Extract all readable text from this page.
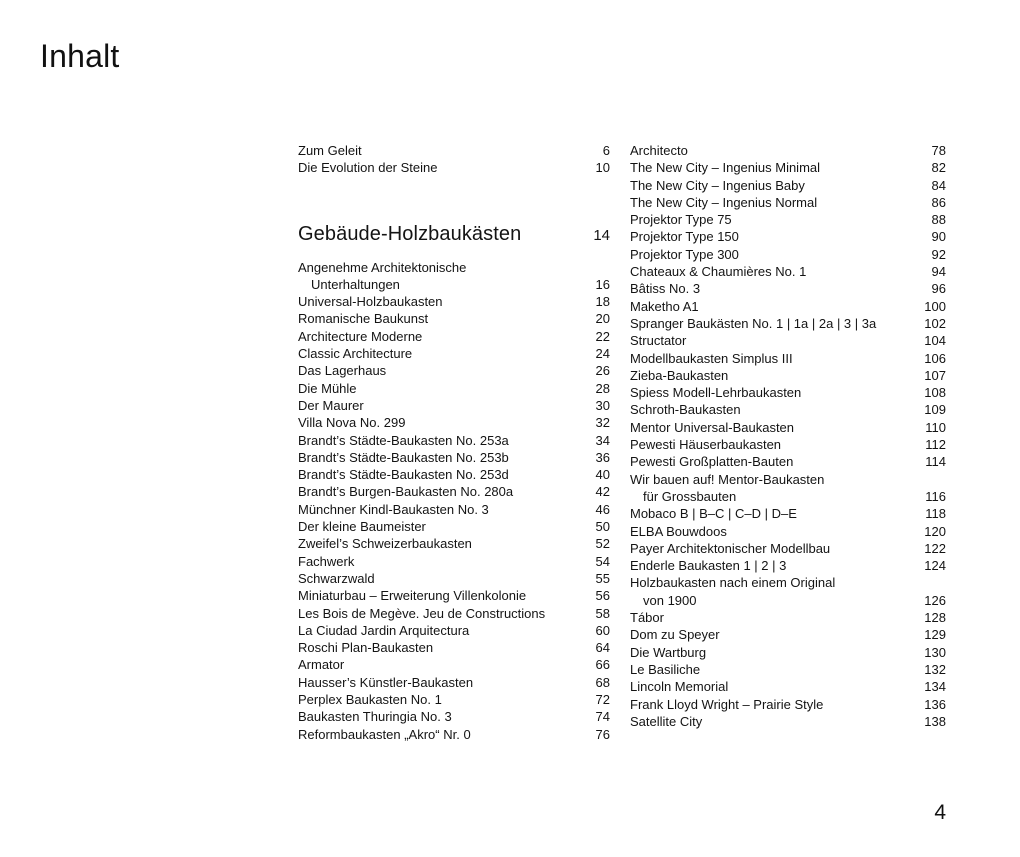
Inhalt
Zum Geleit	6
Die Evolution der Steine	10
Gebäude-Holzbaukästen	14
Angenehme Architektonische
Unterhaltungen	16
Universal-Holzbaukasten	18
Romanische Baukunst	20
Architecture Moderne	22
Classic Architecture	24
Das Lagerhaus	26
Die Mühle	28
Der Maurer	30
Villa Nova No. 299	32
Brandt’s Städte-Baukasten No. 253a	34
Brandt’s Städte-Baukasten No. 253b	36
Brandt’s Städte-Baukasten No. 253d	40
Brandt’s Burgen-Baukasten No. 280a	42
Münchner Kindl-Baukasten No. 3	46
Der kleine Baumeister	50
Zweifel’s Schweizerbaukasten	52
Fachwerk	54
Schwarzwald	55
Miniaturbau – Erweiterung Villenkolonie	56
Les Bois de Megève. Jeu de Constructions	58
La Ciudad Jardin Arquitectura	60
Roschi Plan-Baukasten	64
Armator	66
Hausser’s Künstler-Baukasten	68
Perplex Baukasten No. 1	72
Baukasten Thuringia No. 3	74
Reformbaukasten „Akro“ Nr. 0	76
Architecto	78
The New City – Ingenius Minimal	82
The New City – Ingenius Baby	84
The New City – Ingenius Normal	86
Projektor Type 75	88
Projektor Type 150	90
Projektor Type 300	92
Chateaux & Chaumières No. 1	94
Bâtiss No. 3	96
Maketho A1	100
Spranger Baukästen No. 1 | 1a | 2a | 3 | 3a	102
Structator	104
Modellbaukasten Simplus III	106
Zieba-Baukasten	107
Spiess Modell-Lehrbaukasten	108
Schroth-Baukasten	109
Mentor Universal-Baukasten	110
Pewesti Häuserbaukasten	112
Pewesti Großplatten-Bauten	114
Wir bauen auf! Mentor-Baukasten
für Grossbauten	116
Mobaco B | B–C | C–D | D–E	118
ELBA Bouwdoos	120
Payer Architektonischer Modellbau	122
Enderle Baukasten 1 | 2 | 3	124
Holzbaukasten nach einem Original
von 1900	126
Tábor	128
Dom zu Speyer	129
Die Wartburg	130
Le Basiliche	132
Lincoln Memorial	134
Frank Lloyd Wright – Prairie Style	136
Satellite City	138
4
